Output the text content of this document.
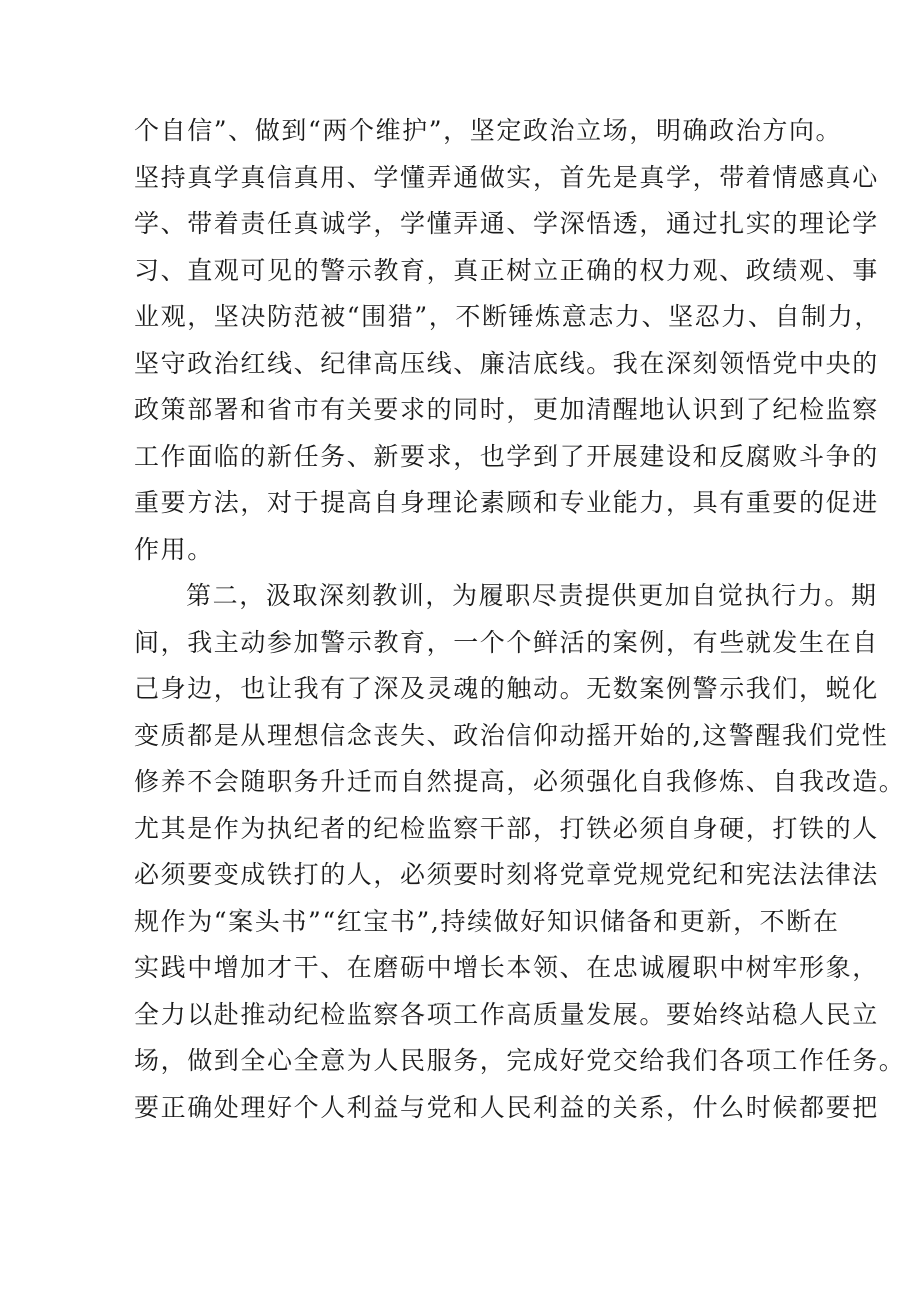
个自信”、做到“两个维护”，坚定政治立场，明确政治方向。
坚持真学真信真用、学懂弄通做实，首先是真学，带着情感真心
学、带着责任真诚学，学懂弄通、学深悟透，通过扎实的理论学
习、直观可见的警示教育，真正树立正确的权力观、政绩观、事
业观，坚决防范被“围猎”，不断锤炼意志力、坚忍力、自制力，
坚守政治红线、纪律高压线、廉洁底线。我在深刻领悟党中央的
政策部署和省市有关要求的同时，更加清醒地认识到了纪检监察
工作面临的新任务、新要求，也学到了开展建设和反腐败斗争的
重要方法，对于提高自身理论素顾和专业能力，具有重要的促进
作用。
第二，汲取深刻教训，为履职尽责提供更加自觉执行力。期
间，我主动参加警示教育，一个个鲜活的案例，有些就发生在自
己身边，也让我有了深及灵魂的触动。无数案例警示我们，蜕化
变质都是从理想信念丧失、政治信仰动摇开始的,这警醒我们党性
修养不会随职务升迁而自然提高，必须强化自我修炼、自我改造。
尤其是作为执纪者的纪检监察干部，打铁必须自身硬，打铁的人
必须要变成铁打的人，必须要时刻将党章党规党纪和宪法法律法
规作为“案头书”“红宝书”,持续做好知识储备和更新，不断在
实践中增加才干、在磨砺中增长本领、在忠诚履职中树牢形象，
全力以赴推动纪检监察各项工作高质量发展。要始终站稳人民立
场，做到全心全意为人民服务，完成好党交给我们各项工作任务。
要正确处理好个人利益与党和人民利益的关系，什么时候都要把
